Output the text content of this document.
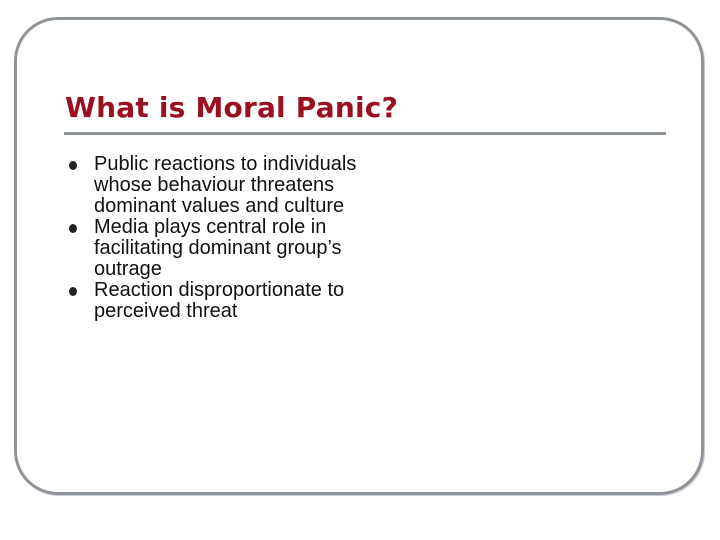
What is Moral Panic?
Public reactions to individuals whose behaviour threatens dominant values and culture
Media plays central role in facilitating dominant group’s outrage
Reaction disproportionate to perceived threat
